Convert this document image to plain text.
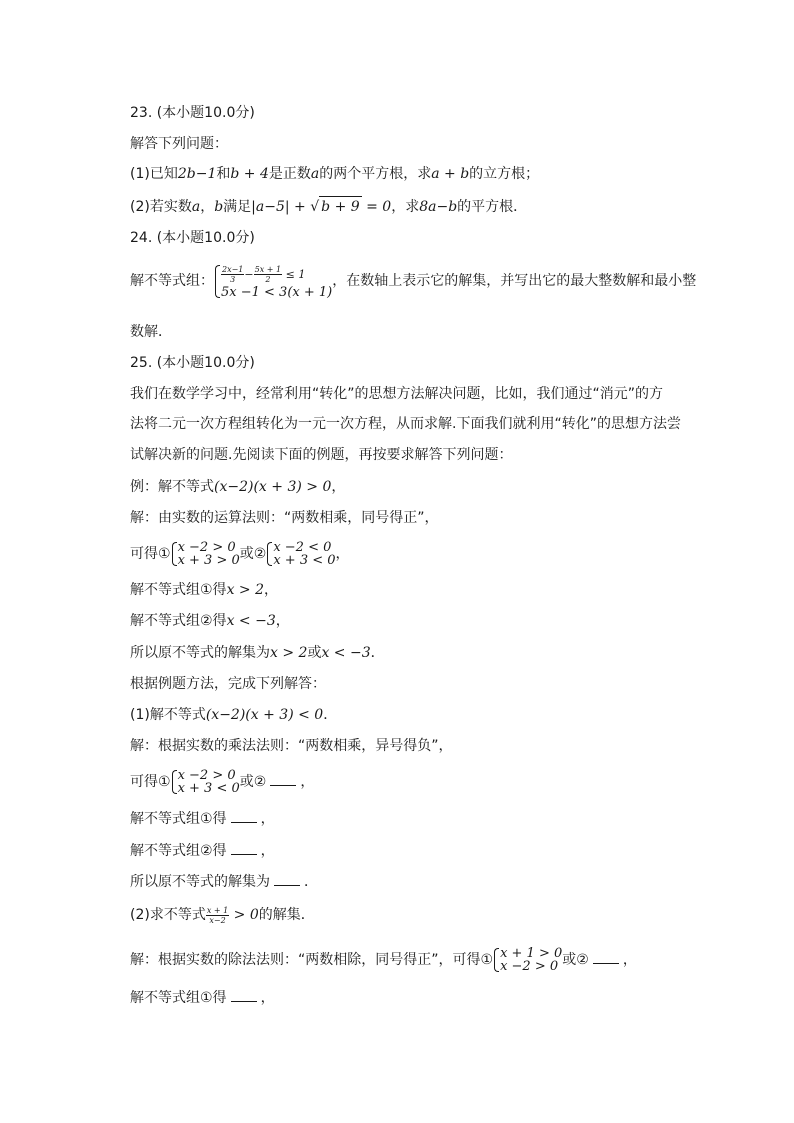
23. (本小题10.0分)
解答下列问题：
(1)已知2b−1和b + 4是正数a的两个平方根，求a + b的立方根；
(2)若实数a，b满足|a−5| + √ b + 9 = 0，求8a−b的平方根．
24. (本小题10.0分)
解不等式组： $\frac{2x-1}{3} - \frac{5x + 1}{2} \le 1$
5x −1 < 3(x + 1)
，在数轴上表示它的解集，并写出它的最大整数解和最小整
数解．
25. (本小题10.0分)
我们在数学学习中，经常利用“转化”的思想方法解决问题，比如，我们通过“消元”的方
法将二元一次方程组转化为一元一次方程，从而求解.下面我们就利用“转化”的思想方法尝
试解决新的问题.先阅读下面的例题，再按要求解答下列问题：
例：解不等式(x−2)(x + 3) > 0，
解：由实数的运算法则：“两数相乘，同号得正”，
可得① x −2 > 0
x + 3 > 0 或② x −2 < 0
x + 3 < 0 ，
解不等式组①得x > 2，
解不等式组②得x < −3，
所以原不等式的解集为x > 2或x < −3．
根据例题方法，完成下列解答：
(1)解不等式(x−2)(x + 3) < 0．
解：根据实数的乘法法则：“两数相乘，异号得负”，
可得① x −2 > 0
x + 3 < 0 或② ，
解不等式组①得 ，
解不等式组②得 ，
所以原不等式的解集为 ．
(2)求不等式 $\frac{x + 1}{x-2} > 0$的解集．
解：根据实数的除法法则：“两数相除，同号得正”，可得① x + 1 > 0
x −2 > 0 或② ，
解不等式组①得 ，
